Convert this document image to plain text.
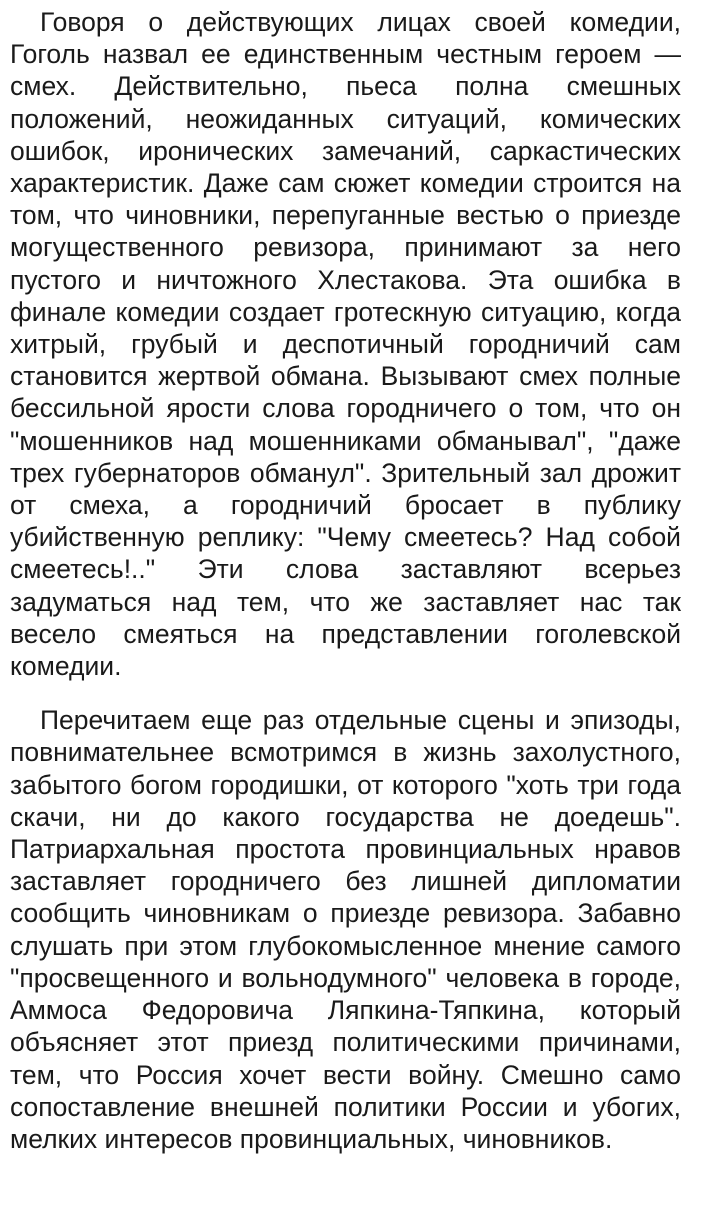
Говоря о действующих лицах своей комедии, Гоголь назвал ее единственным честным героем — смех. Действительно, пьеса полна смешных положений, неожиданных ситуаций, комических ошибок, иронических замечаний, саркастических характеристик. Даже сам сюжет комедии строится на том, что чиновники, перепуганные вестью о приезде могущественного ревизора, принимают за него пустого и ничтожного Хлестакова. Эта ошибка в финале комедии создает гротескную ситуацию, когда хитрый, грубый и деспотичный городничий сам становится жертвой обмана. Вызывают смех полные бессильной ярости слова городничего о том, что он "мошенников над мошенниками обманывал", "даже трех губернаторов обманул". Зрительный зал дрожит от смеха, а городничий бросает в публику убийственную реплику: "Чему смеетесь? Над собой смеетесь!.." Эти слова заставляют всерьез задуматься над тем, что же заставляет нас так весело смеяться на представлении гоголевской комедии.

Перечитаем еще раз отдельные сцены и эпизоды, повнимательнее всмотримся в жизнь захолустного, забытого богом городишки, от которого "хоть три года скачи, ни до какого государства не доедешь". Патриархальная простота провинциальных нравов заставляет городничего без лишней дипломатии сообщить чиновникам о приезде ревизора. Забавно слушать при этом глубокомысленное мнение самого "просвещенного и вольнодумного" человека в городе, Аммоса Федоровича Ляпкина-Тяпкина, который объясняет этот приезд политическими причинами, тем, что Россия хочет вести войну. Смешно само сопоставление внешней политики России и убогих, мелких интересов провинциальных, чиновников.
